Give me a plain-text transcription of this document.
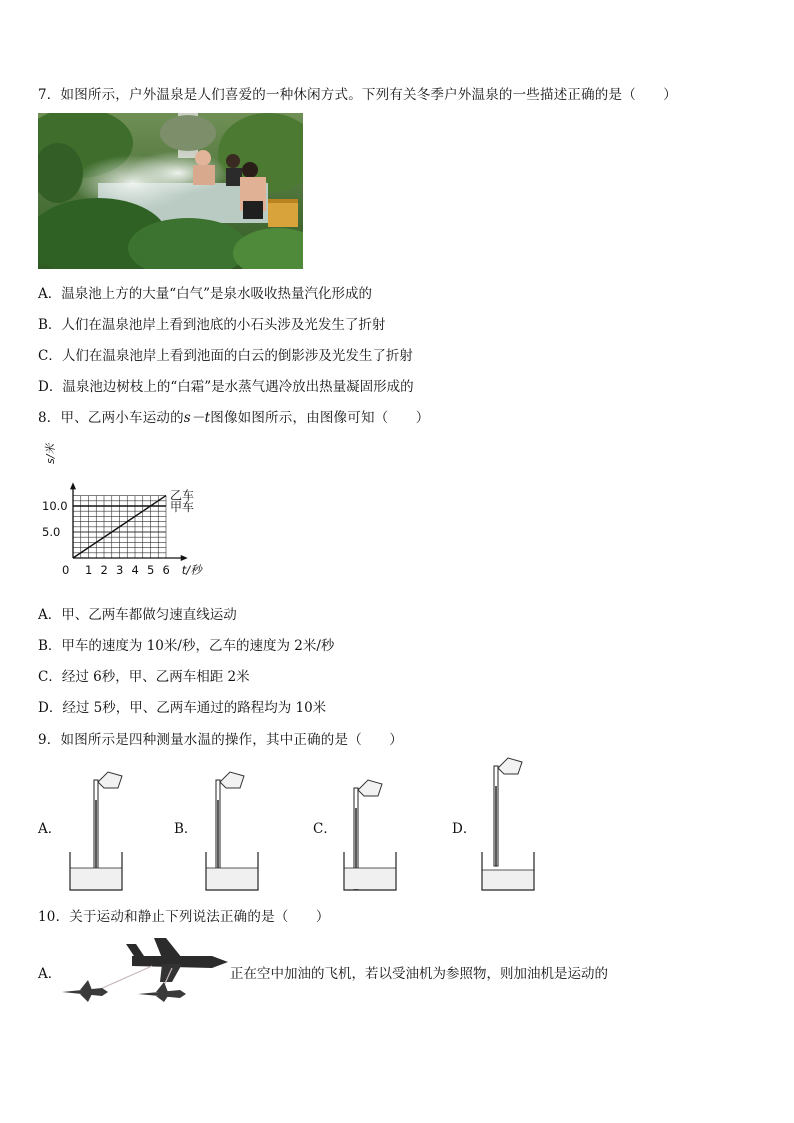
7．如图所示，户外温泉是人们喜爱的一种休闲方式。下列有关冬季户外温泉的一些描述正确的是（　　）
A．温泉池上方的大量“白气”是泉水吸收热量汽化形成的
B．人们在温泉池岸上看到池底的小石头涉及光发生了折射
C．人们在温泉池岸上看到池面的白云的倒影涉及光发生了折射
D．温泉池边树枝上的“白霜”是水蒸气遇冷放出热量凝固形成的
8．甲、乙两小车运动的s－t图像如图所示，由图像可知（　　）
乙车
甲车
1 2 3 4 5 6
5.0
10.0
0	t/秒
s/米
A．甲、乙两车都做匀速直线运动
B．甲车的速度为 10米/秒，乙车的速度为 2米/秒
C．经过 6秒，甲、乙两车相距 2米
D．经过 5秒，甲、乙两车通过的路程均为 10米
9．如图所示是四种测量水温的操作，其中正确的是（　　）
A．	B．	C．	D．
10．关于运动和静止下列说法正确的是（　　）
A．	正在空中加油的飞机，若以受油机为参照物，则加油机是运动的
